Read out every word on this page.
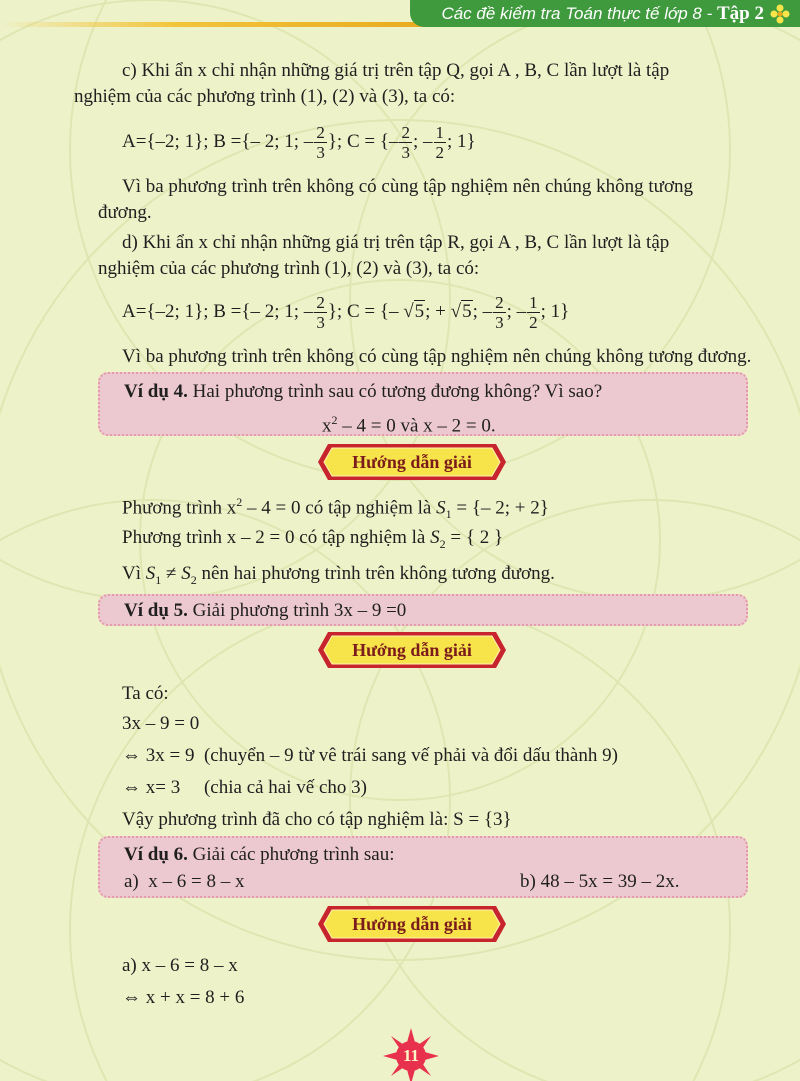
Các đề kiểm tra Toán thực tế lớp 8 - Tập 2
c) Khi ẩn x chỉ nhận những giá trị trên tập Q, gọi A , B, C lần lượt là tập
nghiệm của các phương trình (1), (2) và (3), ta có:
A={–2; 1}; B ={– 2; 1; – $\frac{2}{3}$ }; C = {– $\frac{2}{3}$ ; – $\frac{1}{2}$ ; 1}
Vì ba phương trình trên không có cùng tập nghiệm nên chúng không tương
đương.
d) Khi ẩn x chỉ nhận những giá trị trên tập R, gọi A , B, C lần lượt là tập
nghiệm của các phương trình (1), (2) và (3), ta có:
A={–2; 1}; B ={– 2; 1; – $\frac{2}{3}$ }; C = {– √5; + √5; – $\frac{2}{3}$ ; – $\frac{1}{2}$ ; 1}
Vì ba phương trình trên không có cùng tập nghiệm nên chúng không tương đương.
Ví dụ 4. Hai phương trình sau có tương đương không? Vì sao?
$x^2 - 4 = 0$ và x – 2 = 0.
Hướng dẫn giải
Phương trình $x^2 - 4 = 0$ có tập nghiệm là $S_1$ = {– 2; + 2}
Phương trình x – 2 = 0 có tập nghiệm là $S_2$ = { 2 }
Vì $S_1 \ne S_2$ nên hai phương trình trên không tương đương.
Ví dụ 5. Giải phương trình 3x – 9 =0
Hướng dẫn giải
Ta có:
3x – 9 = 0
⇔ 3x = 9  (chuyển – 9 từ vê trái sang vế phải và đổi dấu thành 9)
⇔ x= 3     (chia cả hai vế cho 3)
Vậy phương trình đã cho có tập nghiệm là: S = {3}
Ví dụ 6. Giải các phương trình sau:
a)  x – 6 = 8 – x	b) 48 – 5x = 39 – 2x.
Hướng dẫn giải
a) x – 6 = 8 – x
⇔ x + x = 8 + 6
11
